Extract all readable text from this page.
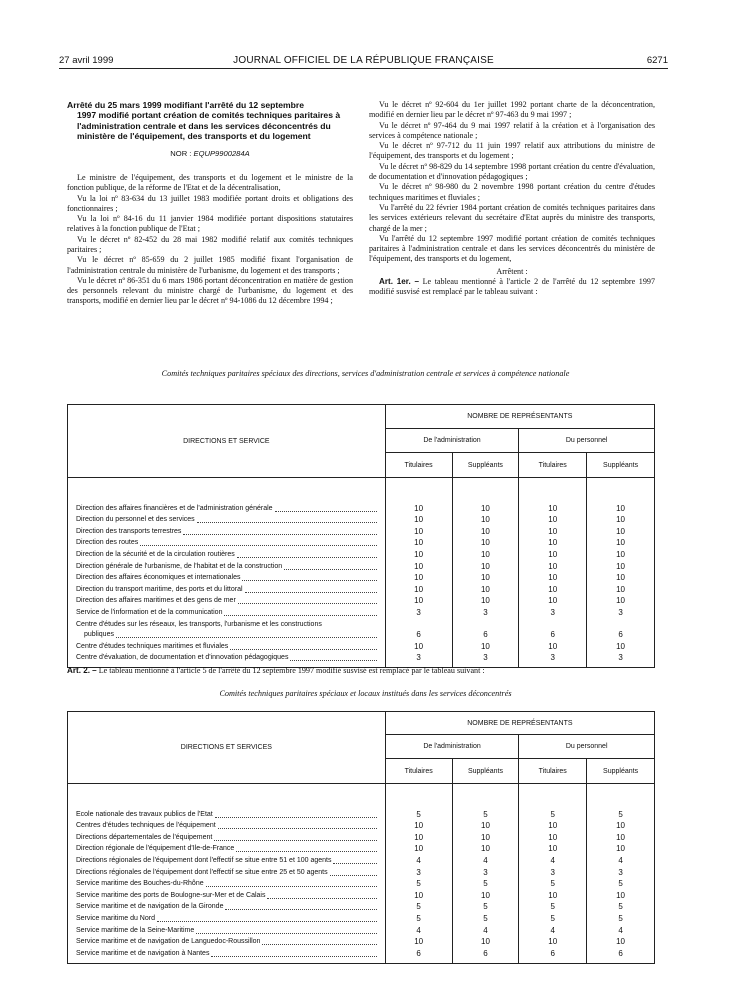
27 avril 1999	JOURNAL OFFICIEL DE LA RÉPUBLIQUE FRANÇAISE	6271
Arrêté du 25 mars 1999 modifiant l'arrêté du 12 septembre
1997 modifié portant création de comités techniques paritaires à l'administration centrale et dans les services déconcentrés du ministère de l'équipement, des transports et du logement
NOR : EQUP9900284A

Le ministre de l'équipement, des transports et du logement et le ministre de la fonction publique, de la réforme de l'Etat et de la décentralisation,

Vu la loi nº 83-634 du 13 juillet 1983 modifiée portant droits et obligations des fonctionnaires ;

Vu la loi nº 84-16 du 11 janvier 1984 modifiée portant dispositions statutaires relatives à la fonction publique de l'Etat ;

Vu le décret nº 82-452 du 28 mai 1982 modifié relatif aux comités techniques paritaires ;

Vu le décret nº 85-659 du 2 juillet 1985 modifié fixant l'organisation de l'administration centrale du ministère de l'urbanisme, du logement et des transports ;

Vu le décret nº 86-351 du 6 mars 1986 portant déconcentration en matière de gestion des personnels relevant du ministre chargé de l'urbanisme, du logement et des transports, modifié en dernier lieu par le décret nº 94-1086 du 12 décembre 1994 ;

Vu le décret nº 92-604 du 1er juillet 1992 portant charte de la déconcentration, modifié en dernier lieu par le décret nº 97-463 du 9 mai 1997 ;

Vu le décret nº 97-464 du 9 mai 1997 relatif à la création et à l'organisation des services à compétence nationale ;

Vu le décret nº 97-712 du 11 juin 1997 relatif aux attributions du ministre de l'équipement, des transports et du logement ;

Vu le décret nº 98-829 du 14 septembre 1998 portant création du centre d'évaluation, de documentation et d'innovation pédagogiques ;

Vu le décret nº 98-980 du 2 novembre 1998 portant création du centre d'études techniques maritimes et fluviales ;

Vu l'arrêté du 22 février 1984 portant création de comités techniques paritaires dans les services extérieurs relevant du secrétaire d'Etat auprès du ministre des transports, chargé de la mer ;

Vu l'arrêté du 12 septembre 1997 modifié portant création de comités techniques paritaires à l'administration centrale et dans les services déconcentrés du ministère de l'équipement, des transports et du logement,

Arrêtent :

Art. 1er. – Le tableau mentionné à l'article 2 de l'arrêté du 12 septembre 1997 modifié susvisé est remplacé par le tableau suivant :

Comités techniques paritaires spéciaux des directions, services d'administration centrale et services à compétence nationale
DIRECTIONS ET SERVICE	NOMBRE DE REPRÉSENTANTS			
	De l'administration		Du personnel	
	Titulaires	Suppléants	Titulaires	Suppléants

Direction des affaires financières et de l'administration générale	10	10	10	10

Direction du personnel et des services	10	10	10	10

Direction des transports terrestres	10	10	10	10

Direction des routes	10	10	10	10

Direction de la sécurité et de la circulation routières	10	10	10	10

Direction générale de l'urbanisme, de l'habitat et de la construction	10	10	10	10

Direction des affaires économiques et internationales	10	10	10	10

Direction du transport maritime, des ports et du littoral	10	10	10	10

Direction des affaires maritimes et des gens de mer	10	10	10	10

Service de l'information et de la communication	3	3	3	3

Centre d'études sur les réseaux, les transports, l'urbanisme et les constructions
publiques	6	6	6	6

Centre d'études techniques maritimes et fluviales	10	10	10	10

Centre d'évaluation, de documentation et d'innovation pédagogiques	3	3	3	3

Art. 2. – Le tableau mentionné à l'article 5 de l'arrêté du 12 septembre 1997 modifié susvisé est remplacé par le tableau suivant :
Comités techniques paritaires spéciaux et locaux institués dans les services déconcentrés
DIRECTIONS ET SERVICES	NOMBRE DE REPRÉSENTANTS			
	De l'administration		Du personnel	
	Titulaires	Suppléants	Titulaires	Suppléants

Ecole nationale des travaux publics de l'Etat	5	5	5	5

Centres d'études techniques de l'équipement	10	10	10	10

Directions départementales de l'équipement	10	10	10	10

Direction régionale de l'équipement d'Ile-de-France	10	10	10	10

Directions régionales de l'équipement dont l'effectif se situe entre 51 et 100 agents	4	4	4	4

Directions régionales de l'équipement dont l'effectif se situe entre 25 et 50 agents	3	3	3	3

Service maritime des Bouches-du-Rhône	5	5	5	5

Service maritime des ports de Boulogne-sur-Mer et de Calais	10	10	10	10

Service maritime et de navigation de la Gironde	5	5	5	5

Service maritime du Nord	5	5	5	5

Service maritime de la Seine-Maritime	4	4	4	4

Service maritime et de navigation de Languedoc-Roussillon	10	10	10	10

Service maritime et de navigation à Nantes	6	6	6	6
